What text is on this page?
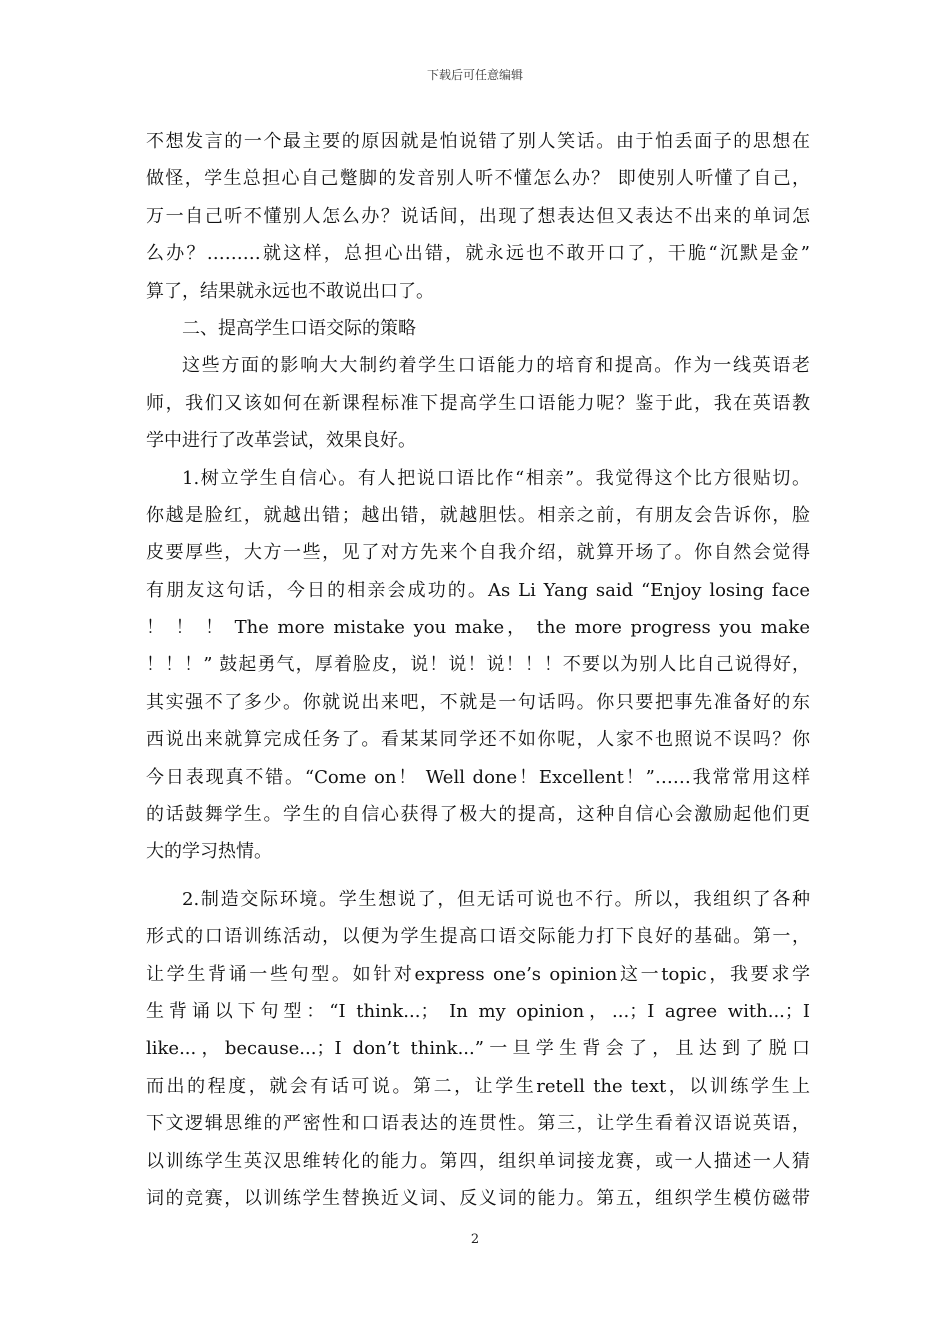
下载后可任意编辑
不想发言的一个最主要的原因就是怕说错了别人笑话。由于怕丢面子的思想在
做怪，学生总担心自己蹩脚的发音别人听不懂怎么办？ 即使别人听懂了自己，
万一自己听不懂别人怎么办？说话间，出现了想表达但又表达不出来的单词怎
么办？………就这样，总担心出错，就永远也不敢开口了，干脆“沉默是金”
算了，结果就永远也不敢说出口了。
二、提高学生口语交际的策略
这些方面的影响大大制约着学生口语能力的培育和提高。作为一线英语老
师，我们又该如何在新课程标准下提高学生口语能力呢？鉴于此，我在英语教
学中进行了改革尝试，效果良好。
1.树立学生自信心。有人把说口语比作“相亲”。我觉得这个比方很贴切。
你越是脸红，就越出错；越出错，就越胆怯。相亲之前，有朋友会告诉你，脸
皮要厚些，大方一些，见了对方先来个自我介绍，就算开场了。你自然会觉得
有朋友这句话，今日的相亲会成功的。As Li Yang said “Enjoy losing face
！ ！ ！ The more mistake you make， the more progress you make
！！！” 鼓起勇气，厚着脸皮，说！说！说！！！不要以为别人比自己说得好，
其实强不了多少。你就说出来吧，不就是一句话吗。你只要把事先准备好的东
西说出来就算完成任务了。看某某同学还不如你呢，人家不也照说不误吗？你
今日表现真不错。“Come on！ Well done！Excellent！”……我常常用这样
的话鼓舞学生。学生的自信心获得了极大的提高，这种自信心会激励起他们更
大的学习热情。
2.制造交际环境。学生想说了，但无话可说也不行。所以，我组织了各种
形式的口语训练活动，以便为学生提高口语交际能力打下良好的基础。第一，
让学生背诵一些句型。如针对express one’s opinion这一topic，我要求学
生背诵以下句型：“I think...； In my opinion，...；I agree with...；I
like...，because...；I don’t think...”一旦学生背会了，且达到了脱口
而出的程度，就会有话可说。第二，让学生retell the text，以训练学生上
下文逻辑思维的严密性和口语表达的连贯性。第三，让学生看着汉语说英语，
以训练学生英汉思维转化的能力。第四，组织单词接龙赛，或一人描述一人猜
词的竞赛，以训练学生替换近义词、反义词的能力。第五，组织学生模仿磁带
2
